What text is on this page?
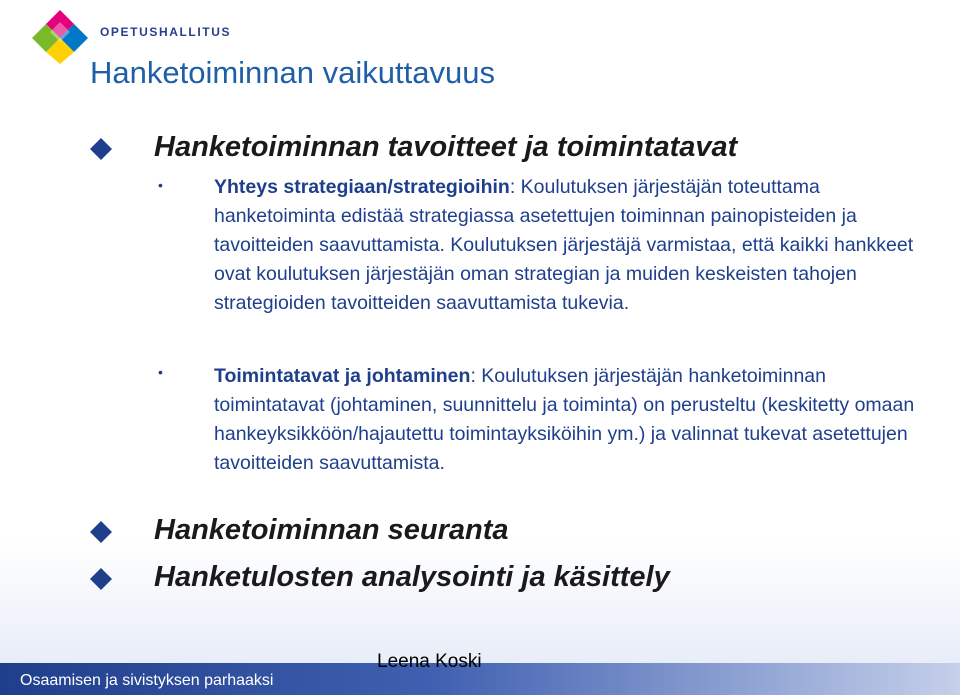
OPETUSHALLITUS
Hanketoiminnan vaikuttavuus
Hanketoiminnan tavoitteet ja toimintatavat
•	Yhteys strategiaan/strategioihin: Koulutuksen järjestäjän toteuttama hanketoiminta edistää strategiassa asetettujen toiminnan painopisteiden ja tavoitteiden saavuttamista. Koulutuksen järjestäjä varmistaa, että kaikki hankkeet ovat koulutuksen järjestäjän oman strategian ja muiden keskeisten tahojen strategioiden tavoitteiden saavuttamista tukevia.
•	Toimintatavat ja johtaminen: Koulutuksen järjestäjän hanketoiminnan toimintatavat (johtaminen, suunnittelu ja toiminta) on perusteltu (keskitetty omaan hankeyksikköön/hajautettu toimintayksiköihin ym.) ja valinnat tukevat asetettujen tavoitteiden saavuttamista.
Hanketoiminnan seuranta
Hanketulosten analysointi ja käsittely
Osaamisen ja sivistyksen parhaaksi
Leena Koski
